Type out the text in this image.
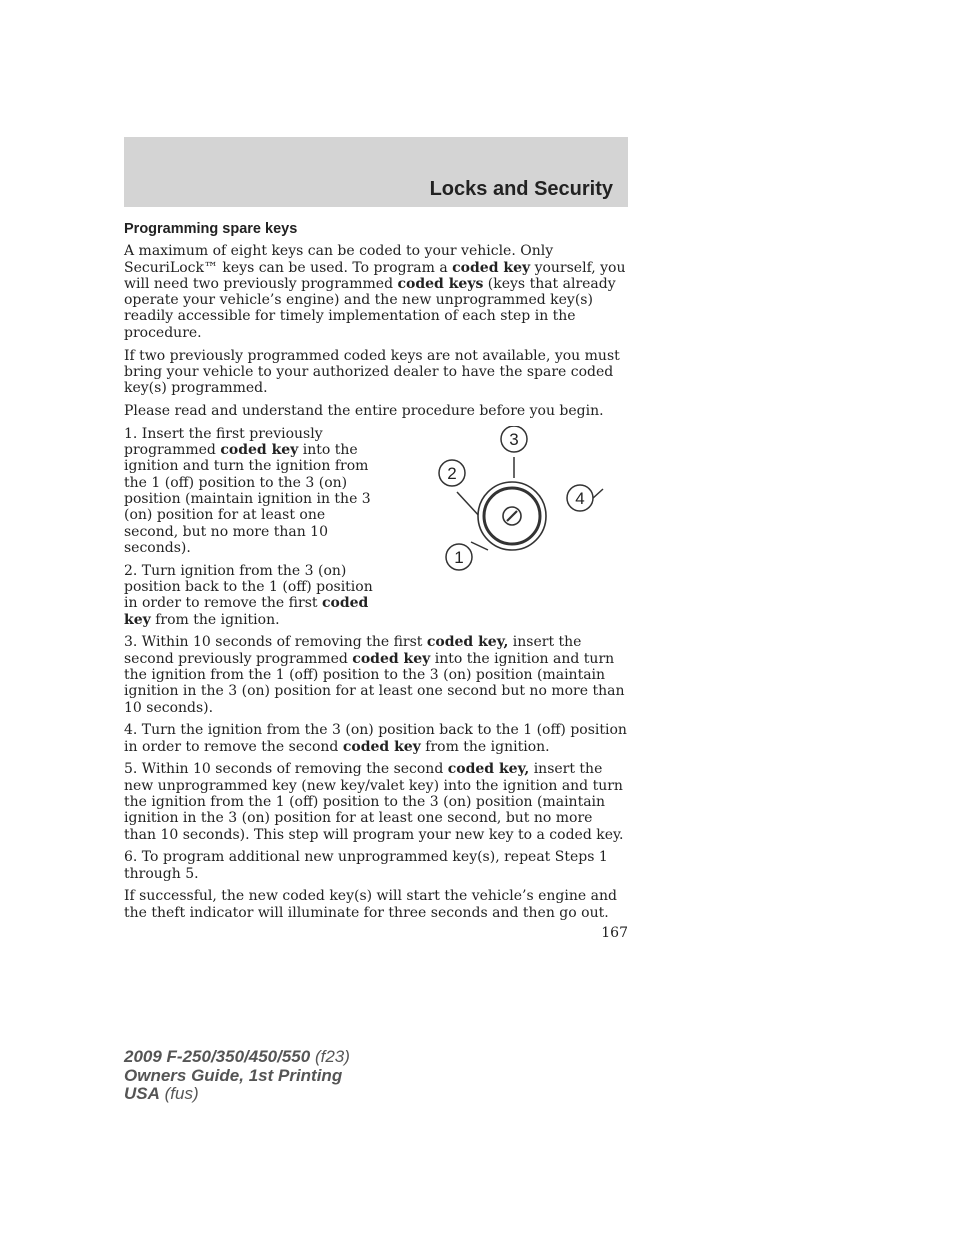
Locks and Security
Programming spare keys

A maximum of eight keys can be coded to your vehicle. Only SecuriLock™ keys can be used. To program a coded key yourself, you will need two previously programmed coded keys (keys that already operate your vehicle’s engine) and the new unprogrammed key(s) readily accessible for timely implementation of each step in the procedure.

If two previously programmed coded keys are not available, you must bring your vehicle to your authorized dealer to have the spare coded key(s) programmed.

Please read and understand the entire procedure before you begin.

1. Insert the first previously programmed coded key into the ignition and turn the ignition from the 1 (off) position to the 3 (on) position (maintain ignition in the 3 (on) position for at least one second, but no more than 10 seconds).

2. Turn ignition from the 3 (on) position back to the 1 (off) position in order to remove the first coded key from the ignition.

3
2
4
1

3. Within 10 seconds of removing the first coded key, insert the second previously programmed coded key into the ignition and turn the ignition from the 1 (off) position to the 3 (on) position (maintain ignition in the 3 (on) position for at least one second but no more than 10 seconds).

4. Turn the ignition from the 3 (on) position back to the 1 (off) position in order to remove the second coded key from the ignition.

5. Within 10 seconds of removing the second coded key, insert the new unprogrammed key (new key/valet key) into the ignition and turn the ignition from the 1 (off) position to the 3 (on) position (maintain ignition in the 3 (on) position for at least one second, but no more than 10 seconds). This step will program your new key to a coded key.

6. To program additional new unprogrammed key(s), repeat Steps 1 through 5.

If successful, the new coded key(s) will start the vehicle’s engine and the theft indicator will illuminate for three seconds and then go out.

167
2009 F-250/350/450/550 (f23)
Owners Guide, 1st Printing
USA (fus)
